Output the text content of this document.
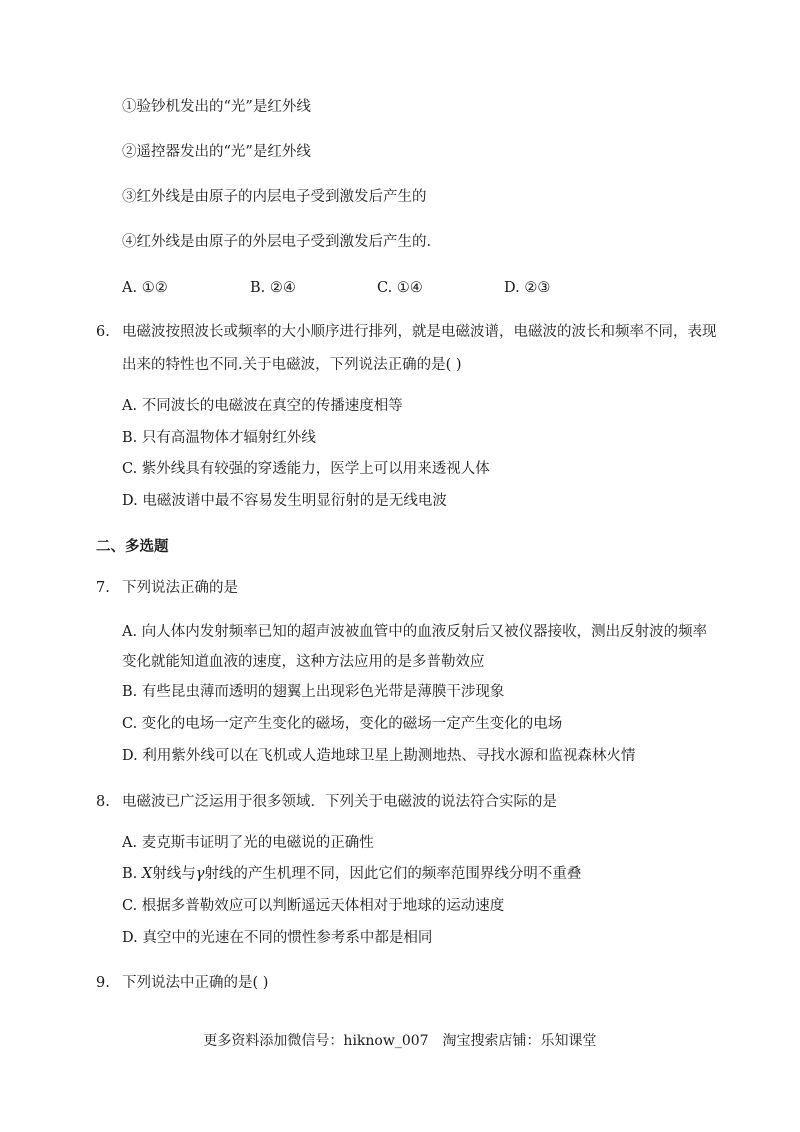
①验钞机发出的“光”是红外线
②遥控器发出的“光”是红外线
③红外线是由原子的内层电子受到激发后产生的
④红外线是由原子的外层电子受到激发后产生的.
A. ①②	B. ②④	C. ①④	D. ②③
6. 电磁波按照波长或频率的大小顺序进行排列，就是电磁波谱，电磁波的波长和频率不同，表现
出来的特性也不同.关于电磁波，下列说法正确的是( )
A. 不同波长的电磁波在真空的传播速度相等
B. 只有高温物体才辐射红外线
C. 紫外线具有较强的穿透能力，医学上可以用来透视人体
D. 电磁波谱中最不容易发生明显衍射的是无线电波
二、多选题
7. 下列说法正确的是
A. 向人体内发射频率已知的超声波被血管中的血液反射后又被仪器接收，测出反射波的频率
变化就能知道血液的速度，这种方法应用的是多普勒效应
B. 有些昆虫薄而透明的翅翼上出现彩色光带是薄膜干涉现象
C. 变化的电场一定产生变化的磁场，变化的磁场一定产生变化的电场
D. 利用紫外线可以在飞机或人造地球卫星上勘测地热、寻找水源和监视森林火情
8. 电磁波已广泛运用于很多领域．下列关于电磁波的说法符合实际的是
A. 麦克斯韦证明了光的电磁说的正确性
B. X射线与γ射线的产生机理不同，因此它们的频率范围界线分明不重叠
C. 根据多普勒效应可以判断遥远天体相对于地球的运动速度
D. 真空中的光速在不同的惯性参考系中都是相同
9. 下列说法中正确的是( )
更多资料添加微信号：hiknow_007　淘宝搜索店铺：乐知课堂
